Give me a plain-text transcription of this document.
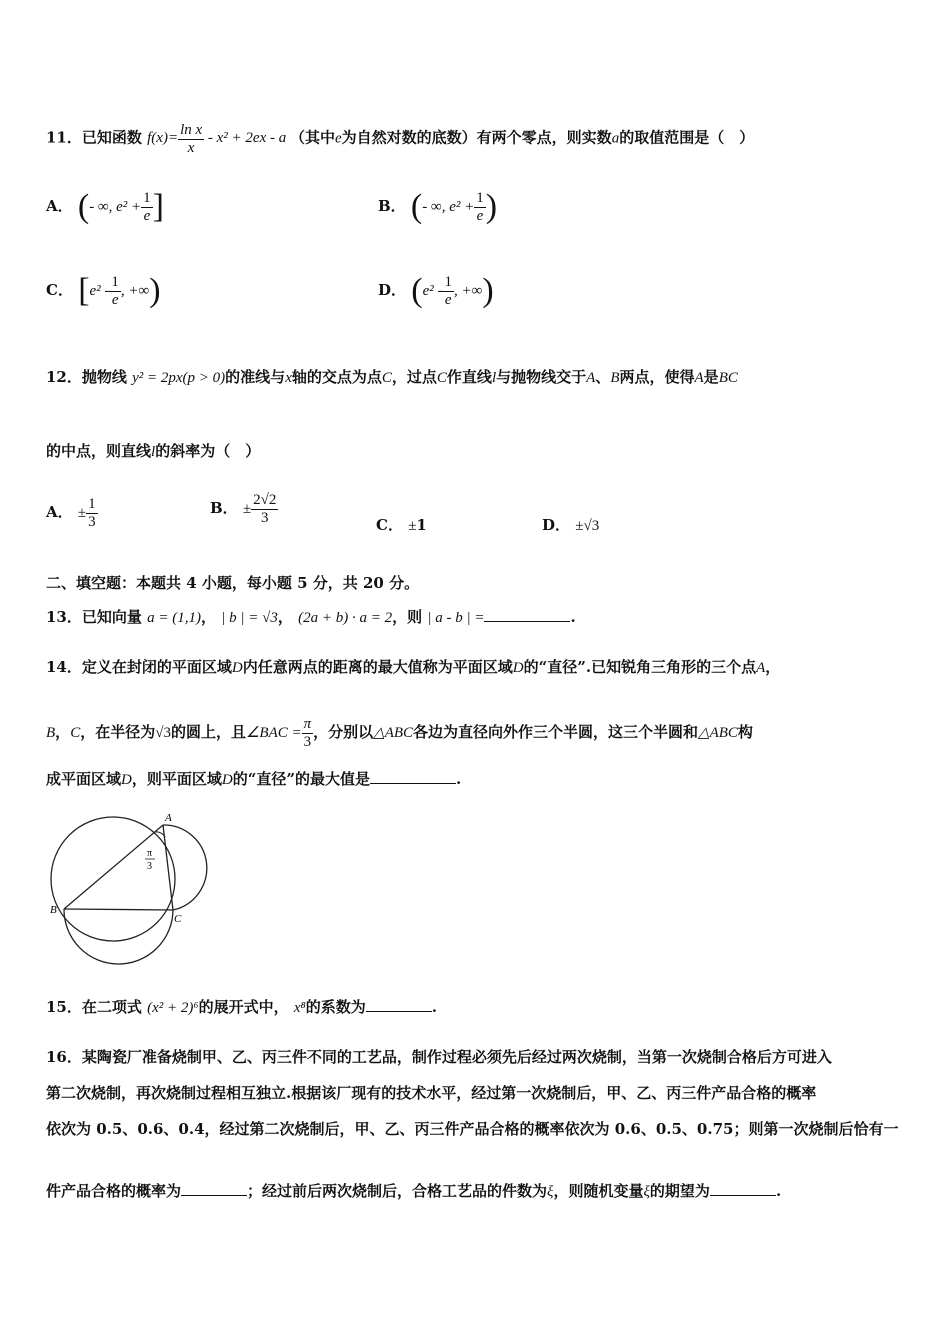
11．已知函数 $f(x)= \frac{\text{ln x}}{x} - x^2 + 2ex - a$ （其中e为自然对数的底数）有两个零点，则实数a的取值范围是（　）
A． (- ∞, $e^2 + \frac{1}{e}$ ]	B． (- ∞, $e^2 + \frac{1}{e}$ )
C． [$e^2 - \frac{1}{e}$ , +∞)	D． ($e^2 - \frac{1}{e}$ , +∞)
12．抛物线 y² = 2px(p > 0)的准线与x轴的交点为点C，过点C作直线l与抛物线交于A、B两点，使得A是BC
的中点，则直线l的斜率为（　）
A． ± $\frac{1}{3}$	B． ± $\frac{2√2}{3}$	C． ±1	D． ±√3
二、填空题：本题共 4 小题，每小题 5 分，共 20 分。
13．已知向量 a = (1,1)， | b | = √3， (2a + b) · a = 2，则 | a - b | =	.
14．定义在封闭的平面区域D内任意两点的距离的最大值称为平面区域D的“直径”.已知锐角三角形的三个点A，
B，C，在半径为√3的圆上，且∠BAC = $\frac{\pi}{3}$ ，分别以△ABC各边为直径向外作三个半圆，这三个半圆和△ABC构
成平面区域D，则平面区域D的“直径”的最大值是	.
A
B
C
π
3
15．在二项式 (x² + 2)⁶的展开式中， x⁸的系数为	.
16．某陶瓷厂准备烧制甲、乙、丙三件不同的工艺品，制作过程必须先后经过两次烧制，当第一次烧制合格后方可进入
第二次烧制，再次烧制过程相互独立.根据该厂现有的技术水平，经过第一次烧制后，甲、乙、丙三件产品合格的概率
依次为 0.5、0.6、0.4，经过第二次烧制后，甲、乙、丙三件产品合格的概率依次为 0.6、0.5、0.75；则第一次烧制后恰有一
件产品合格的概率为	；经过前后两次烧制后，合格工艺品的件数为ξ，则随机变量ξ的期望为	.
